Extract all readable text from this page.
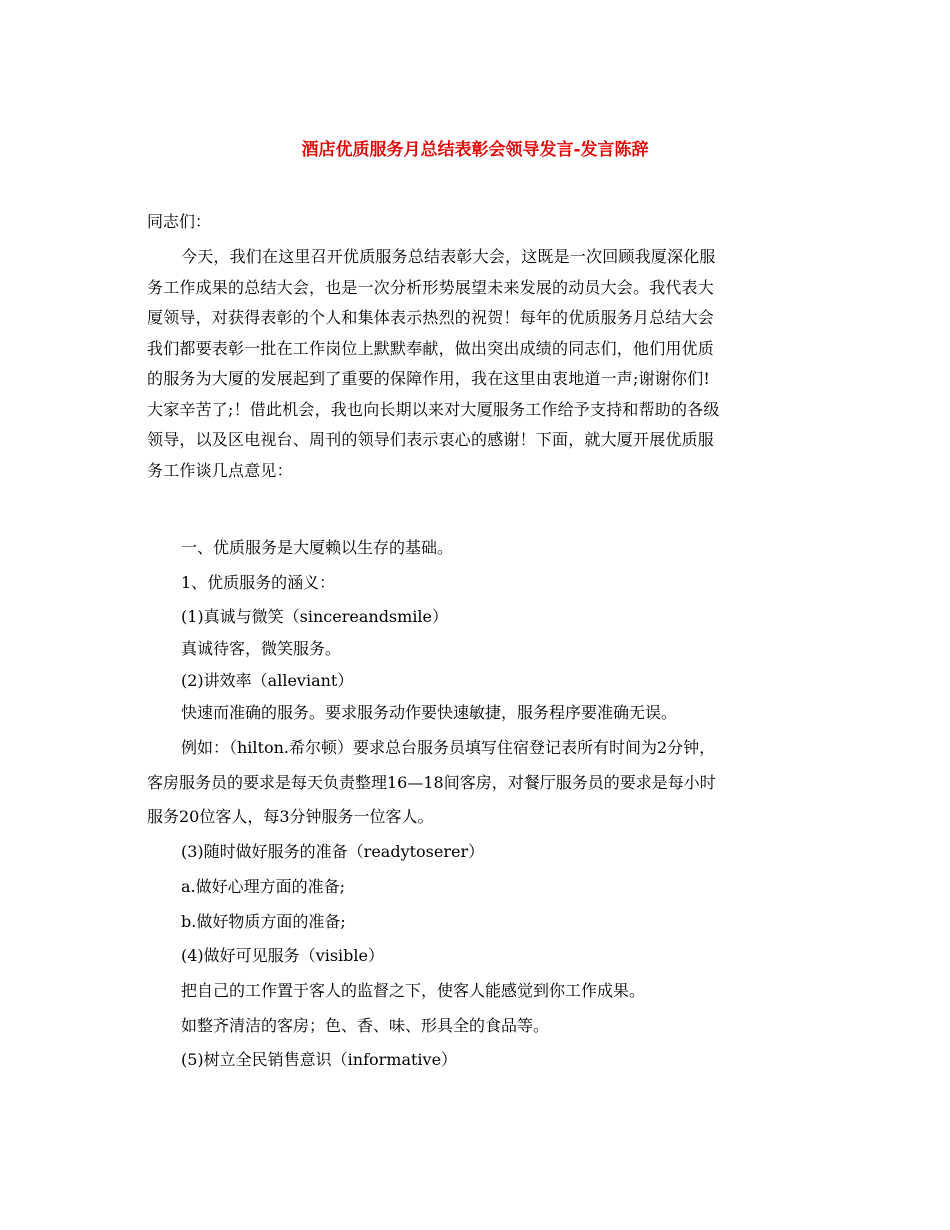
酒店优质服务月总结表彰会领导发言-发言陈辞
同志们：
今天，我们在这里召开优质服务总结表彰大会，这既是一次回顾我厦深化服
务工作成果的总结大会，也是一次分析形势展望未来发展的动员大会。我代表大
厦领导，对获得表彰的个人和集体表示热烈的祝贺！每年的优质服务月总结大会
我们都要表彰一批在工作岗位上默默奉献，做出突出成绩的同志们，他们用优质
的服务为大厦的发展起到了重要的保障作用，我在这里由衷地道一声;谢谢你们!
大家辛苦了;！借此机会，我也向长期以来对大厦服务工作给予支持和帮助的各级
领导，以及区电视台、周刊的领导们表示衷心的感谢！下面，就大厦开展优质服
务工作谈几点意见：
一、优质服务是大厦赖以生存的基础。
1、优质服务的涵义：
(1)真诚与微笑（sincereandsmile）
真诚待客，微笑服务。
(2)讲效率（alleviant）
快速而准确的服务。要求服务动作要快速敏捷，服务程序要准确无误。
例如：（hilton.希尔顿）要求总台服务员填写住宿登记表所有时间为2分钟，
客房服务员的要求是每天负责整理16—18间客房，对餐厅服务员的要求是每小时
服务20位客人，每3分钟服务一位客人。
(3)随时做好服务的准备（readytoserer）
a.做好心理方面的准备;
b.做好物质方面的准备;
(4)做好可见服务（visible）
把自己的工作置于客人的监督之下，使客人能感觉到你工作成果。
如整齐清洁的客房；色、香、味、形具全的食品等。
(5)树立全民销售意识（informative）
